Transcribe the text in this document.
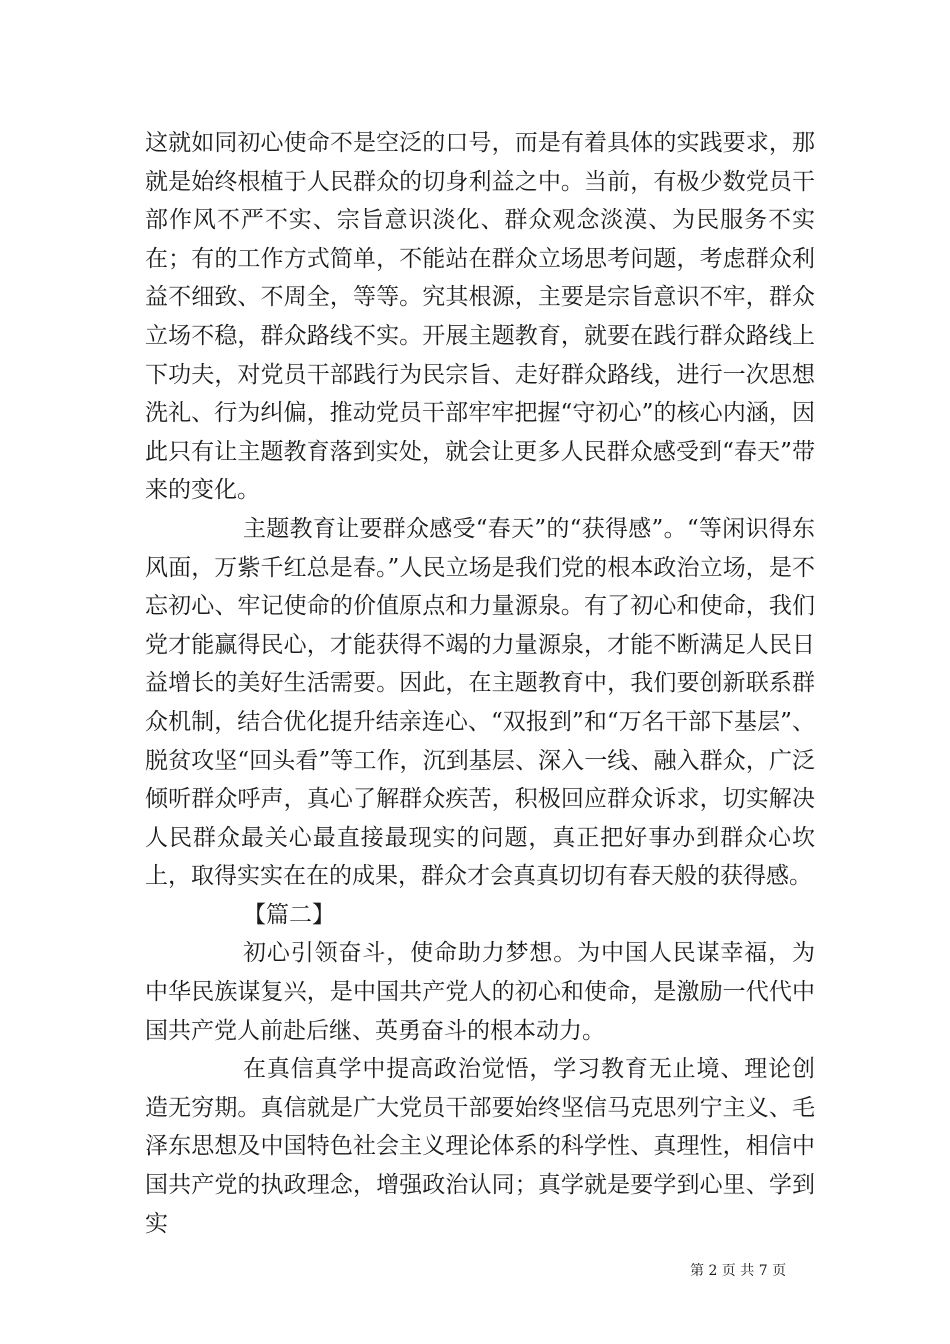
这就如同初心使命不是空泛的口号，而是有着具体的实践要求，那就是始终根植于人民群众的切身利益之中。当前，有极少数党员干部作风不严不实、宗旨意识淡化、群众观念淡漠、为民服务不实在；有的工作方式简单，不能站在群众立场思考问题，考虑群众利益不细致、不周全，等等。究其根源，主要是宗旨意识不牢，群众立场不稳，群众路线不实。开展主题教育，就要在践行群众路线上下功夫，对党员干部践行为民宗旨、走好群众路线，进行一次思想洗礼、行为纠偏，推动党员干部牢牢把握“守初心”的核心内涵，因此只有让主题教育落到实处，就会让更多人民群众感受到“春天”带来的变化。

主题教育让要群众感受“春天”的“获得感”。“等闲识得东风面，万紫千红总是春。”人民立场是我们党的根本政治立场，是不忘初心、牢记使命的价值原点和力量源泉。有了初心和使命，我们党才能赢得民心，才能获得不竭的力量源泉，才能不断满足人民日益增长的美好生活需要。因此，在主题教育中，我们要创新联系群众机制，结合优化提升结亲连心、“双报到”和“万名干部下基层”、脱贫攻坚“回头看”等工作，沉到基层、深入一线、融入群众，广泛倾听群众呼声，真心了解群众疾苦，积极回应群众诉求，切实解决人民群众最关心最直接最现实的问题，真正把好事办到群众心坎上，取得实实在在的成果，群众才会真真切切有春天般的获得感。

【篇二】

初心引领奋斗，使命助力梦想。为中国人民谋幸福，为中华民族谋复兴，是中国共产党人的初心和使命，是激励一代代中国共产党人前赴后继、英勇奋斗的根本动力。

在真信真学中提高政治觉悟，学习教育无止境、理论创造无穷期。真信就是广大党员干部要始终坚信马克思列宁主义、毛泽东思想及中国特色社会主义理论体系的科学性、真理性，相信中国共产党的执政理念，增强政治认同；真学就是要学到心里、学到实

第 2 页 共 7 页
